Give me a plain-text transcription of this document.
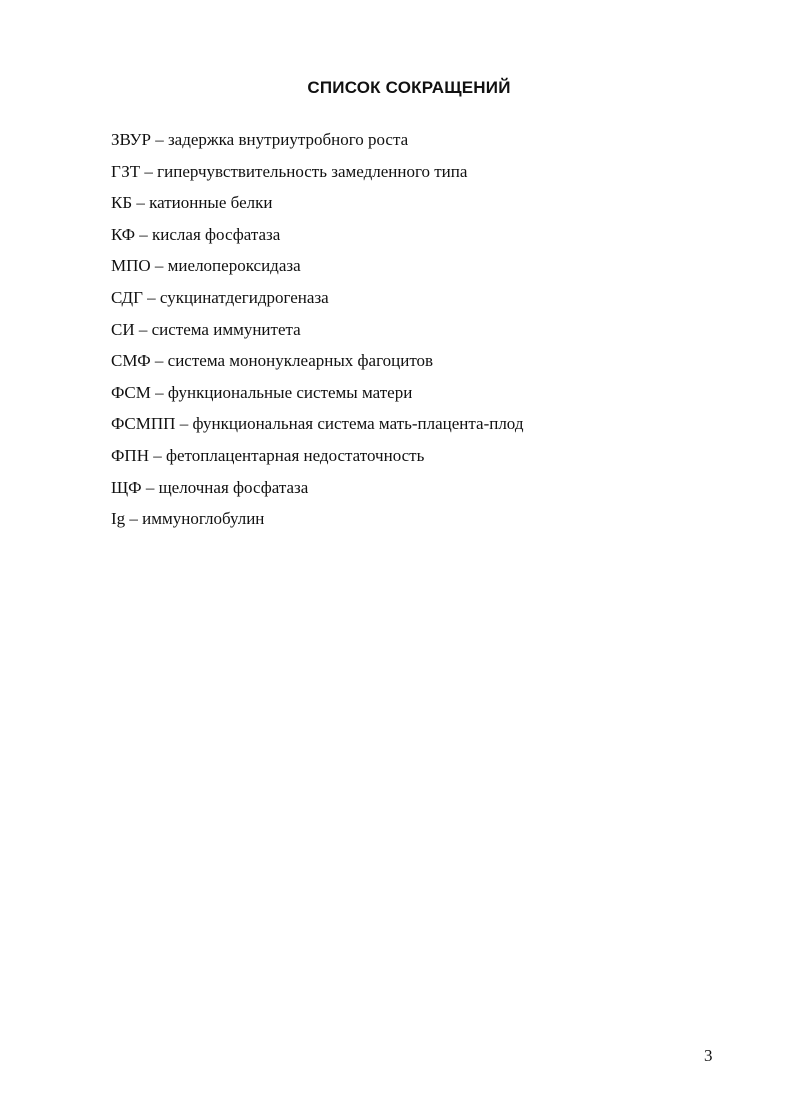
СПИСОК СОКРАЩЕНИЙ
ЗВУР – задержка внутриутробного роста
ГЗТ – гиперчувствительность замедленного типа
КБ – катионные белки
КФ – кислая фосфатаза
МПО – миелопероксидаза
СДГ – сукцинатдегидрогеназа
СИ – система иммунитета
СМФ – система мононуклеарных фагоцитов
ФСМ – функциональные системы матери
ФСМПП – функциональная система мать-плацента-плод
ФПН – фетоплацентарная недостаточность
ЩФ – щелочная фосфатаза
Ig – иммуноглобулин
3
